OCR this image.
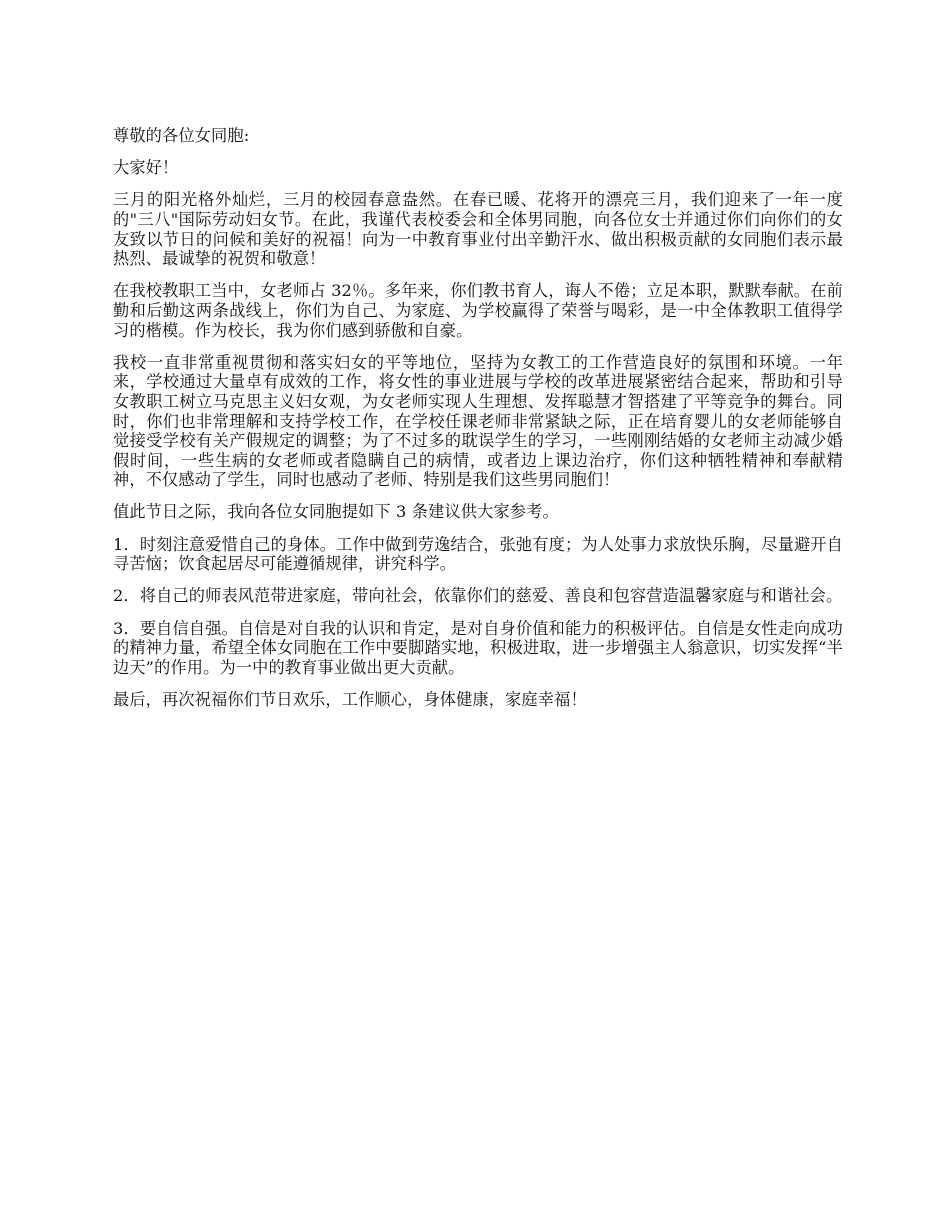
尊敬的各位女同胞:

大家好！

三月的阳光格外灿烂，三月的校园春意盎然。在春已暖、花将开的漂亮三月，我们迎来了一年一度的"三八"国际劳动妇女节。在此，我谨代表校委会和全体男同胞，向各位女士并通过你们向你们的女友致以节日的问候和美好的祝福！向为一中教育事业付出辛勤汗水、做出积极贡献的女同胞们表示最热烈、最诚挚的祝贺和敬意！

在我校教职工当中，女老师占 32％。多年来，你们教书育人，诲人不倦；立足本职，默默奉献。在前勤和后勤这两条战线上，你们为自己、为家庭、为学校赢得了荣誉与喝彩，是一中全体教职工值得学习的楷模。作为校长，我为你们感到骄傲和自豪。

我校一直非常重视贯彻和落实妇女的平等地位，坚持为女教工的工作营造良好的氛围和环境。一年来，学校通过大量卓有成效的工作，将女性的事业进展与学校的改革进展紧密结合起来，帮助和引导女教职工树立马克思主义妇女观，为女老师实现人生理想、发挥聪慧才智搭建了平等竞争的舞台。同时，你们也非常理解和支持学校工作，在学校任课老师非常紧缺之际，正在培育婴儿的女老师能够自觉接受学校有关产假规定的调整；为了不过多的耽误学生的学习，一些刚刚结婚的女老师主动减少婚假时间，一些生病的女老师或者隐瞒自己的病情，或者边上课边治疗，你们这种牺牲精神和奉献精神，不仅感动了学生，同时也感动了老师、特别是我们这些男同胞们！

值此节日之际，我向各位女同胞提如下 3 条建议供大家参考。

1．时刻注意爱惜自己的身体。工作中做到劳逸结合，张弛有度；为人处事力求放快乐胸，尽量避开自寻苦恼；饮食起居尽可能遵循规律，讲究科学。

2．将自己的师表风范带进家庭，带向社会，依靠你们的慈爱、善良和包容营造温馨家庭与和谐社会。

3．要自信自强。自信是对自我的认识和肯定，是对自身价值和能力的积极评估。自信是女性走向成功的精神力量，希望全体女同胞在工作中要脚踏实地，积极进取，进一步增强主人翁意识，切实发挥“半边天”的作用。为一中的教育事业做出更大贡献。

最后，再次祝福你们节日欢乐，工作顺心，身体健康，家庭幸福！
